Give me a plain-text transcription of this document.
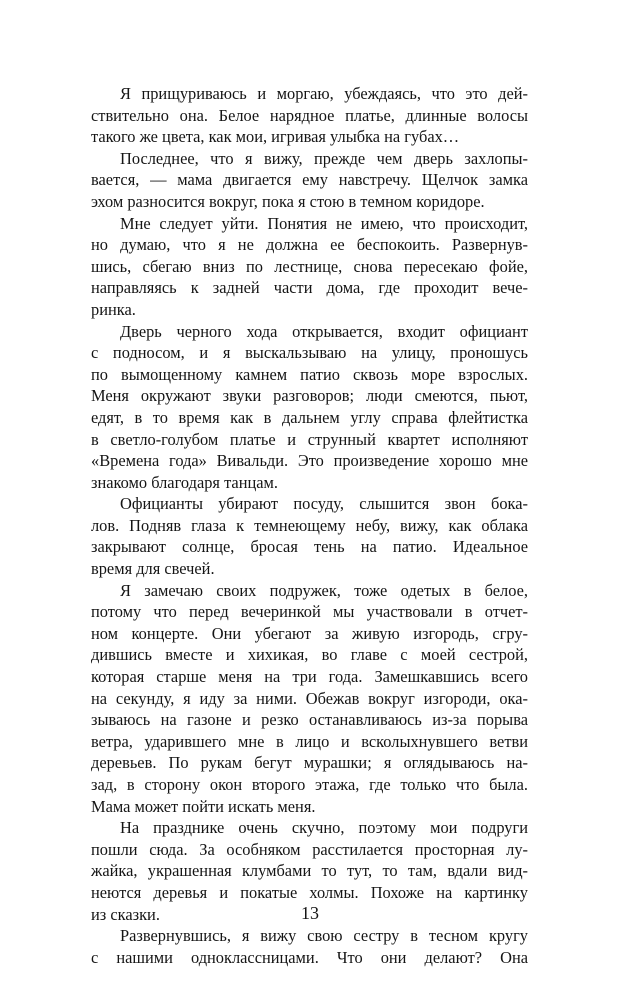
Я прищуриваюсь и моргаю, убеждаясь, что это дей-
ствительно она. Белое нарядное платье, длинные волосы
такого же цвета, как мои, игривая улыбка на губах…
Последнее, что я вижу, прежде чем дверь захлопы-
вается, — мама двигается ему навстречу. Щелчок замка
эхом разносится вокруг, пока я стою в темном коридоре.
Мне следует уйти. Понятия не имею, что происходит,
но думаю, что я не должна ее беспокоить. Развернув-
шись, сбегаю вниз по лестнице, снова пересекаю фойе,
направляясь к задней части дома, где проходит вече-
ринка.
Дверь черного хода открывается, входит официант
с подносом, и я выскальзываю на улицу, проношусь
по вымощенному камнем патио сквозь море взрослых.
Меня окружают звуки разговоров; люди смеются, пьют,
едят, в то время как в дальнем углу справа флейтистка
в светло-голубом платье и струнный квартет исполняют
«Времена года» Вивальди. Это произведение хорошо мне
знакомо благодаря танцам.
Официанты убирают посуду, слышится звон бока-
лов. Подняв глаза к темнеющему небу, вижу, как облака
закрывают солнце, бросая тень на патио. Идеальное
время для свечей.
Я замечаю своих подружек, тоже одетых в белое,
потому что перед вечеринкой мы участвовали в отчет-
ном концерте. Они убегают за живую изгородь, сгру-
дившись вместе и хихикая, во главе с моей сестрой,
которая старше меня на три года. Замешкавшись всего
на секунду, я иду за ними. Обежав вокруг изгороди, ока-
зываюсь на газоне и резко останавливаюсь из-за порыва
ветра, ударившего мне в лицо и всколыхнувшего ветви
деревьев. По рукам бегут мурашки; я оглядываюсь на-
зад, в сторону окон второго этажа, где только что была.
Мама может пойти искать меня.
На празднике очень скучно, поэтому мои подруги
пошли сюда. За особняком расстилается просторная лу-
жайка, украшенная клумбами то тут, то там, вдали вид-
неются деревья и покатые холмы. Похоже на картинку
из сказки.
Развернувшись, я вижу свою сестру в тесном кругу
с нашими одноклассницами. Что они делают? Она
13
